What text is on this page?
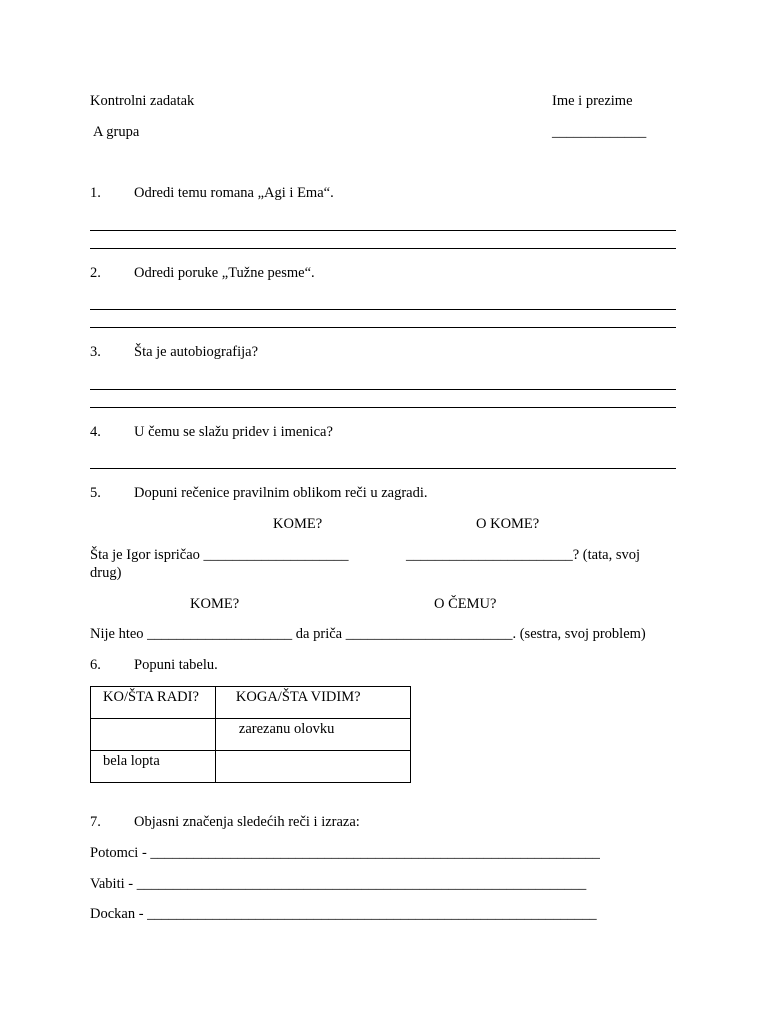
Kontrolni zadatak
A grupa
Ime i prezime
_____________
1. Odredi temu romana „Agi i Ema“.
2. Odredi poruke „Tužne pesme“.
3. Šta je autobiografija?
4. U čemu se slažu pridev i imenica?
5. Dopuni rečenice pravilnim oblikom reči u zagradi.
KOME?	O KOME?
Šta je Igor ispričao ____________________	_______________________? (tata, svoj
drug)
KOME?	O ČEMU?
Nije hteo ____________________ da priča _______________________. (sestra, svoj problem)
6. Popuni tabelu.
KO/ŠTA RADI?	KOGA/ŠTA VIDIM?
	zarezanu olovku
bela lopta	
7. Objasni značenja sledećih reči i izraza:
Potomci - ______________________________________________________________
Vabiti - ______________________________________________________________
Dockan - ______________________________________________________________
